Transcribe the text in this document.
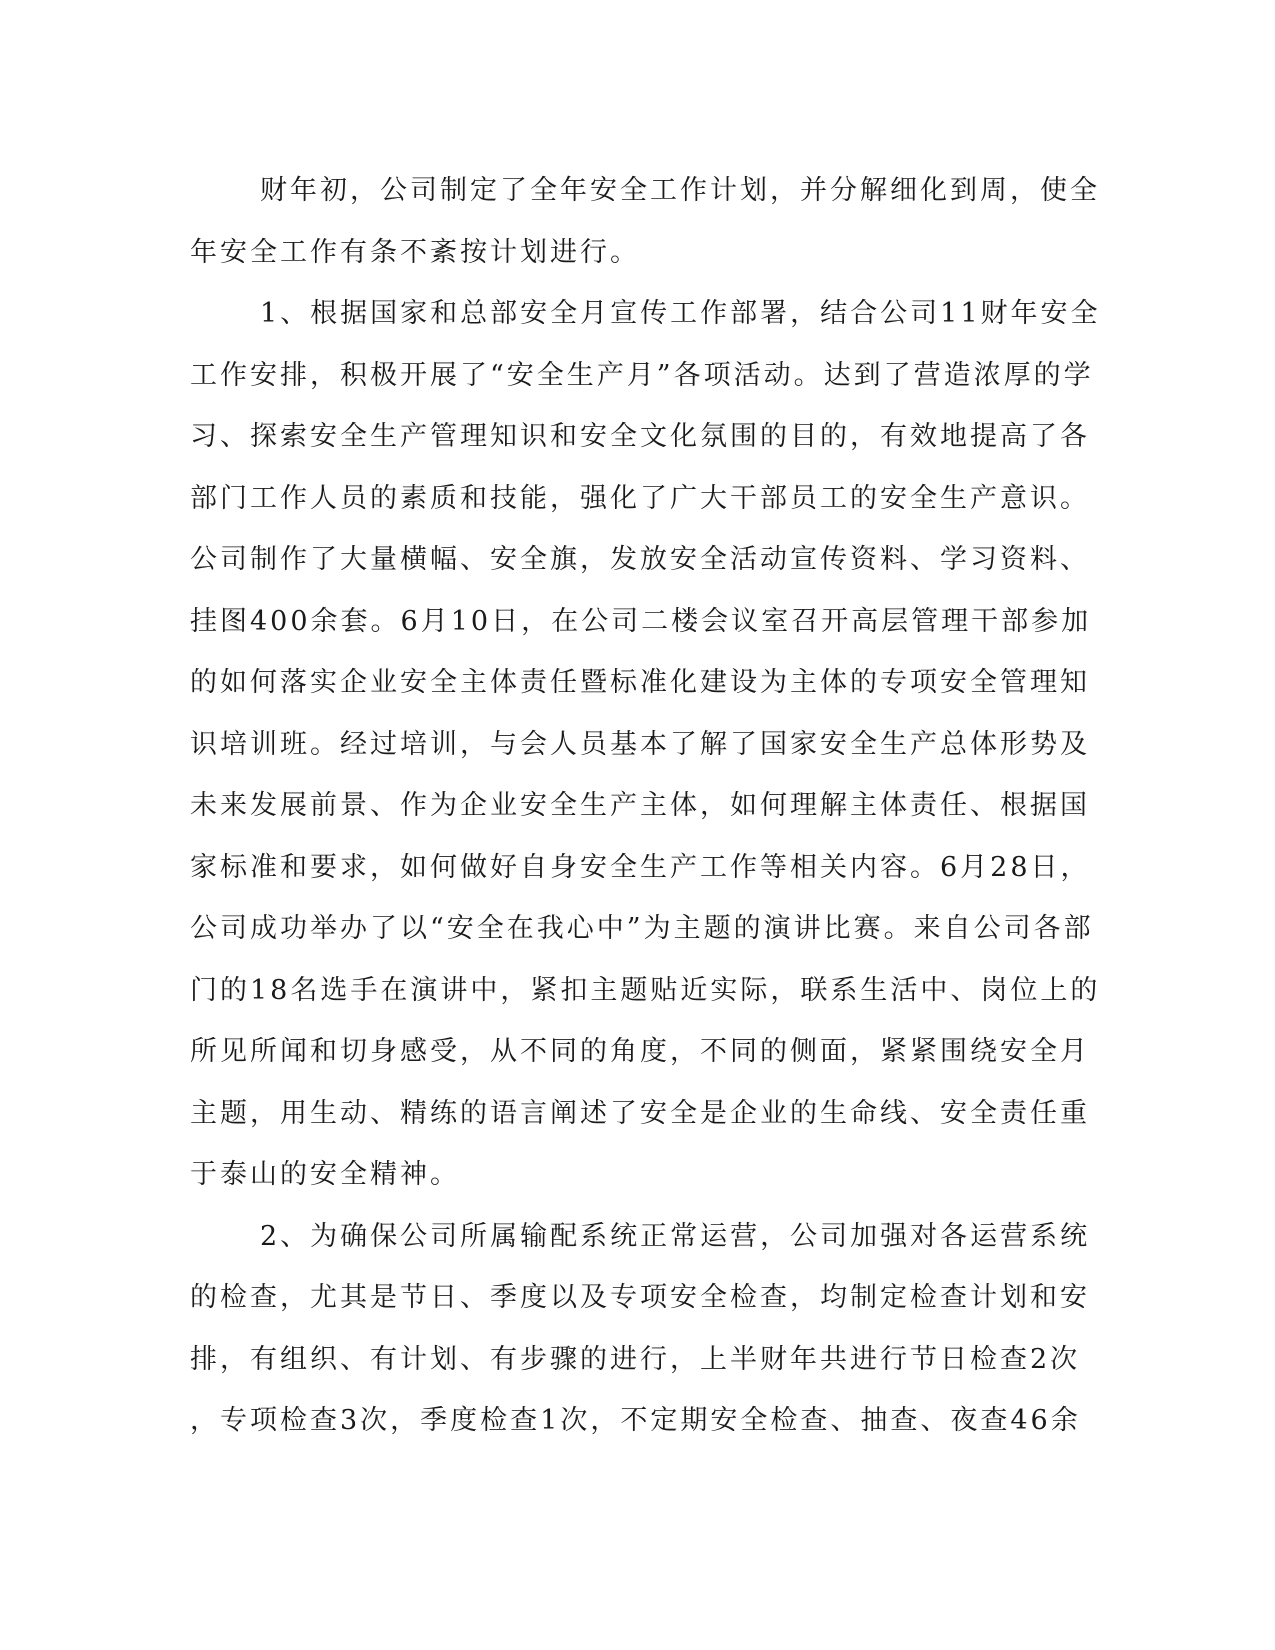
财年初，公司制定了全年安全工作计划，并分解细化到周，使全
年安全工作有条不紊按计划进行。
1、根据国家和总部安全月宣传工作部署，结合公司11财年安全
工作安排，积极开展了“安全生产月”各项活动。达到了营造浓厚的学
习、探索安全生产管理知识和安全文化氛围的目的，有效地提高了各
部门工作人员的素质和技能，强化了广大干部员工的安全生产意识。
公司制作了大量横幅、安全旗，发放安全活动宣传资料、学习资料、
挂图400余套。6月10日，在公司二楼会议室召开高层管理干部参加
的如何落实企业安全主体责任暨标准化建设为主体的专项安全管理知
识培训班。经过培训，与会人员基本了解了国家安全生产总体形势及
未来发展前景、作为企业安全生产主体，如何理解主体责任、根据国
家标准和要求，如何做好自身安全生产工作等相关内容。6月28日，
公司成功举办了以“安全在我心中”为主题的演讲比赛。来自公司各部
门的18名选手在演讲中，紧扣主题贴近实际，联系生活中、岗位上的
所见所闻和切身感受，从不同的角度，不同的侧面，紧紧围绕安全月
主题，用生动、精练的语言阐述了安全是企业的生命线、安全责任重
于泰山的安全精神。
2、为确保公司所属输配系统正常运营，公司加强对各运营系统
的检查，尤其是节日、季度以及专项安全检查，均制定检查计划和安
排，有组织、有计划、有步骤的进行，上半财年共进行节日检查2次
，专项检查3次，季度检查1次，不定期安全检查、抽查、夜查46余
